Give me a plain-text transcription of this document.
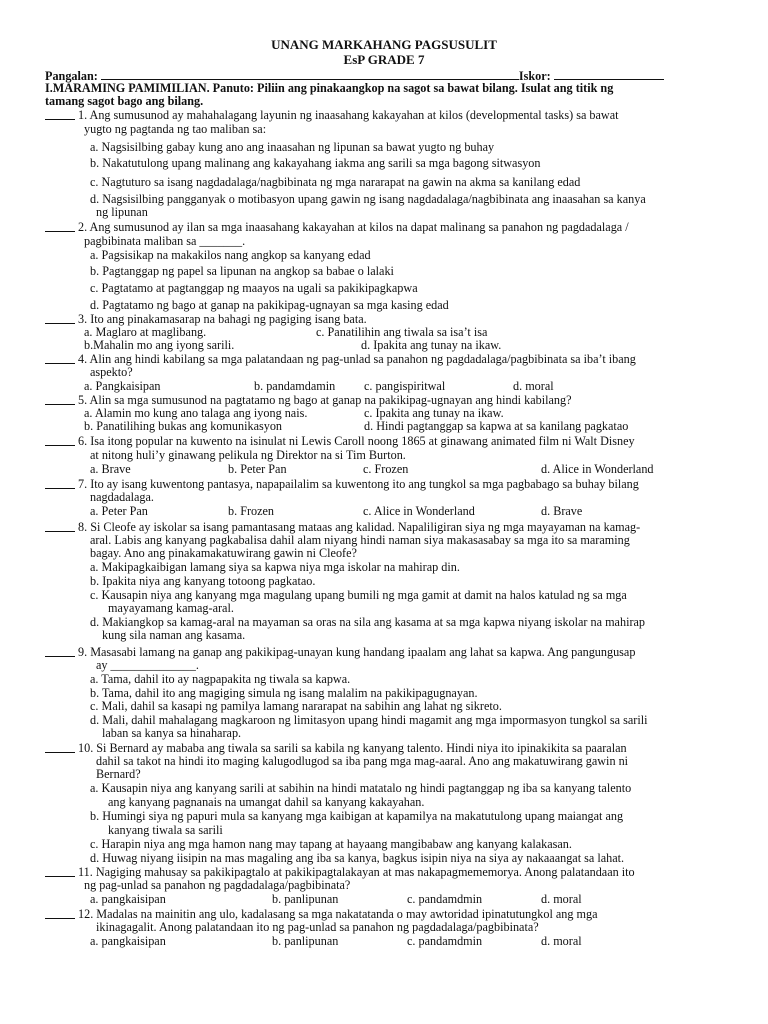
UNANG MARKAHANG PAGSUSULIT
EsP GRADE 7
Pangalan:	Iskor:
I.MARAMING PAMIMILIAN. Panuto: Piliin ang pinakaangkop na sagot sa bawat bilang. Isulat ang titik ng
tamang sagot bago ang bilang.
1. Ang sumusunod ay mahahalagang layunin ng inaasahang kakayahan at kilos (developmental tasks) sa bawat
yugto ng pagtanda ng tao maliban sa:
a. Nagsisilbing gabay kung ano ang inaasahan ng lipunan sa bawat yugto ng buhay
b. Nakatutulong upang malinang ang kakayahang iakma ang sarili sa mga bagong sitwasyon
c. Nagtuturo sa isang nagdadalaga/nagbibinata ng mga nararapat na gawin na akma sa kanilang edad
d. Nagsisilbing pangganyak o motibasyon upang gawin ng isang nagdadalaga/nagbibinata ang inaasahan sa kanya
ng lipunan
2. Ang sumusunod ay ilan sa mga inaasahang kakayahan at kilos na dapat malinang sa panahon ng pagdadalaga /
pagbibinata maliban sa _______.
a. Pagsisikap na makakilos nang angkop sa kanyang edad
b. Pagtanggap ng papel sa lipunan na angkop sa babae o lalaki
c. Pagtatamo at pagtanggap ng maayos na ugali sa pakikipagkapwa
d. Pagtatamo ng bago at ganap na pakikipag-ugnayan sa mga kasing edad
3. Ito ang pinakamasarap na bahagi ng pagiging isang bata.
a. Maglaro at maglibang.	c. Panatilihin ang tiwala sa isa’t isa
b.Mahalin mo ang iyong sarili.	d. Ipakita ang tunay na ikaw.
4. Alin ang hindi kabilang sa mga palatandaan ng pag-unlad sa panahon ng pagdadalaga/pagbibinata sa iba’t ibang
aspekto?
a. Pangkaisipan	b. pandamdamin c. pangispiritwal	d. moral
5. Alin sa mga sumusunod na pagtatamo ng bago at ganap na pakikipag-ugnayan ang hindi kabilang?
a. Alamin mo kung ano talaga ang iyong nais.	c. Ipakita ang tunay na ikaw.
b. Panatilihing bukas ang komunikasyon	d. Hindi pagtanggap sa kapwa at sa kanilang pagkatao
6. Isa itong popular na kuwento na isinulat ni Lewis Caroll noong 1865 at ginawang animated film ni Walt Disney
at nitong huli’y ginawang pelikula ng Direktor na si Tim Burton.
a. Brave	b. Peter Pan	c. Frozen	d. Alice in Wonderland
7. Ito ay isang kuwentong pantasya, napapailalim sa kuwentong ito ang tungkol sa mga pagbabago sa buhay bilang
nagdadalaga.
a. Peter Pan	b. Frozen	c. Alice in Wonderland	d. Brave
8. Si Cleofe ay iskolar sa isang pamantasang mataas ang kalidad. Napaliligiran siya ng mga mayayaman na kamag-
aral. Labis ang kanyang pagkabalisa dahil alam niyang hindi naman siya makasasabay sa mga ito sa maraming
bagay. Ano ang pinakamakatuwirang gawin ni Cleofe?
a. Makipagkaibigan lamang siya sa kapwa niya mga iskolar na mahirap din.
b. Ipakita niya ang kanyang totoong pagkatao.
c. Kausapin niya ang kanyang mga magulang upang bumili ng mga gamit at damit na halos katulad ng sa mga
mayayamang kamag-aral.
d. Makiangkop sa kamag-aral na mayaman sa oras na sila ang kasama at sa mga kapwa niyang iskolar na mahirap
kung sila naman ang kasama.
9. Masasabi lamang na ganap ang pakikipag-unayan kung handang ipaalam ang lahat sa kapwa. Ang pangungusap
ay ______________.
a. Tama, dahil ito ay nagpapakita ng tiwala sa kapwa.
b. Tama, dahil ito ang magiging simula ng isang malalim na pakikipagugnayan.
c. Mali, dahil sa kasapi ng pamilya lamang nararapat na sabihin ang lahat ng sikreto.
d. Mali, dahil mahalagang magkaroon ng limitasyon upang hindi magamit ang mga impormasyon tungkol sa sarili
laban sa kanya sa hinaharap.
10. Si Bernard ay mababa ang tiwala sa sarili sa kabila ng kanyang talento. Hindi niya ito ipinakikita sa paaralan
dahil sa takot na hindi ito maging kalugodlugod sa iba pang mga mag-aaral. Ano ang makatuwirang gawin ni
Bernard?
a. Kausapin niya ang kanyang sarili at sabihin na hindi matatalo ng hindi pagtanggap ng iba sa kanyang talento
ang kanyang pagnanais na umangat dahil sa kanyang kakayahan.
b. Humingi siya ng papuri mula sa kanyang mga kaibigan at kapamilya na makatutulong upang maiangat ang
kanyang tiwala sa sarili
c. Harapin niya ang mga hamon nang may tapang at hayaang mangibabaw ang kanyang kalakasan.
d. Huwag niyang iisipin na mas magaling ang iba sa kanya, bagkus isipin niya na siya ay nakaaangat sa lahat.
11. Nagiging mahusay sa pakikipagtalo at pakikipagtalakayan at mas nakapagmememorya. Anong palatandaan ito
ng pag-unlad sa panahon ng pagdadalaga/pagbibinata?
a. pangkaisipan	b. panlipunan	c. pandamdmin	d. moral
12. Madalas na mainitin ang ulo, kadalasang sa mga nakatatanda o may awtoridad ipinatutungkol ang mga
ikinagagalit. Anong palatandaan ito ng pag-unlad sa panahon ng pagdadalaga/pagbibinata?
a. pangkaisipan	b. panlipunan	c. pandamdmin	d. moral
